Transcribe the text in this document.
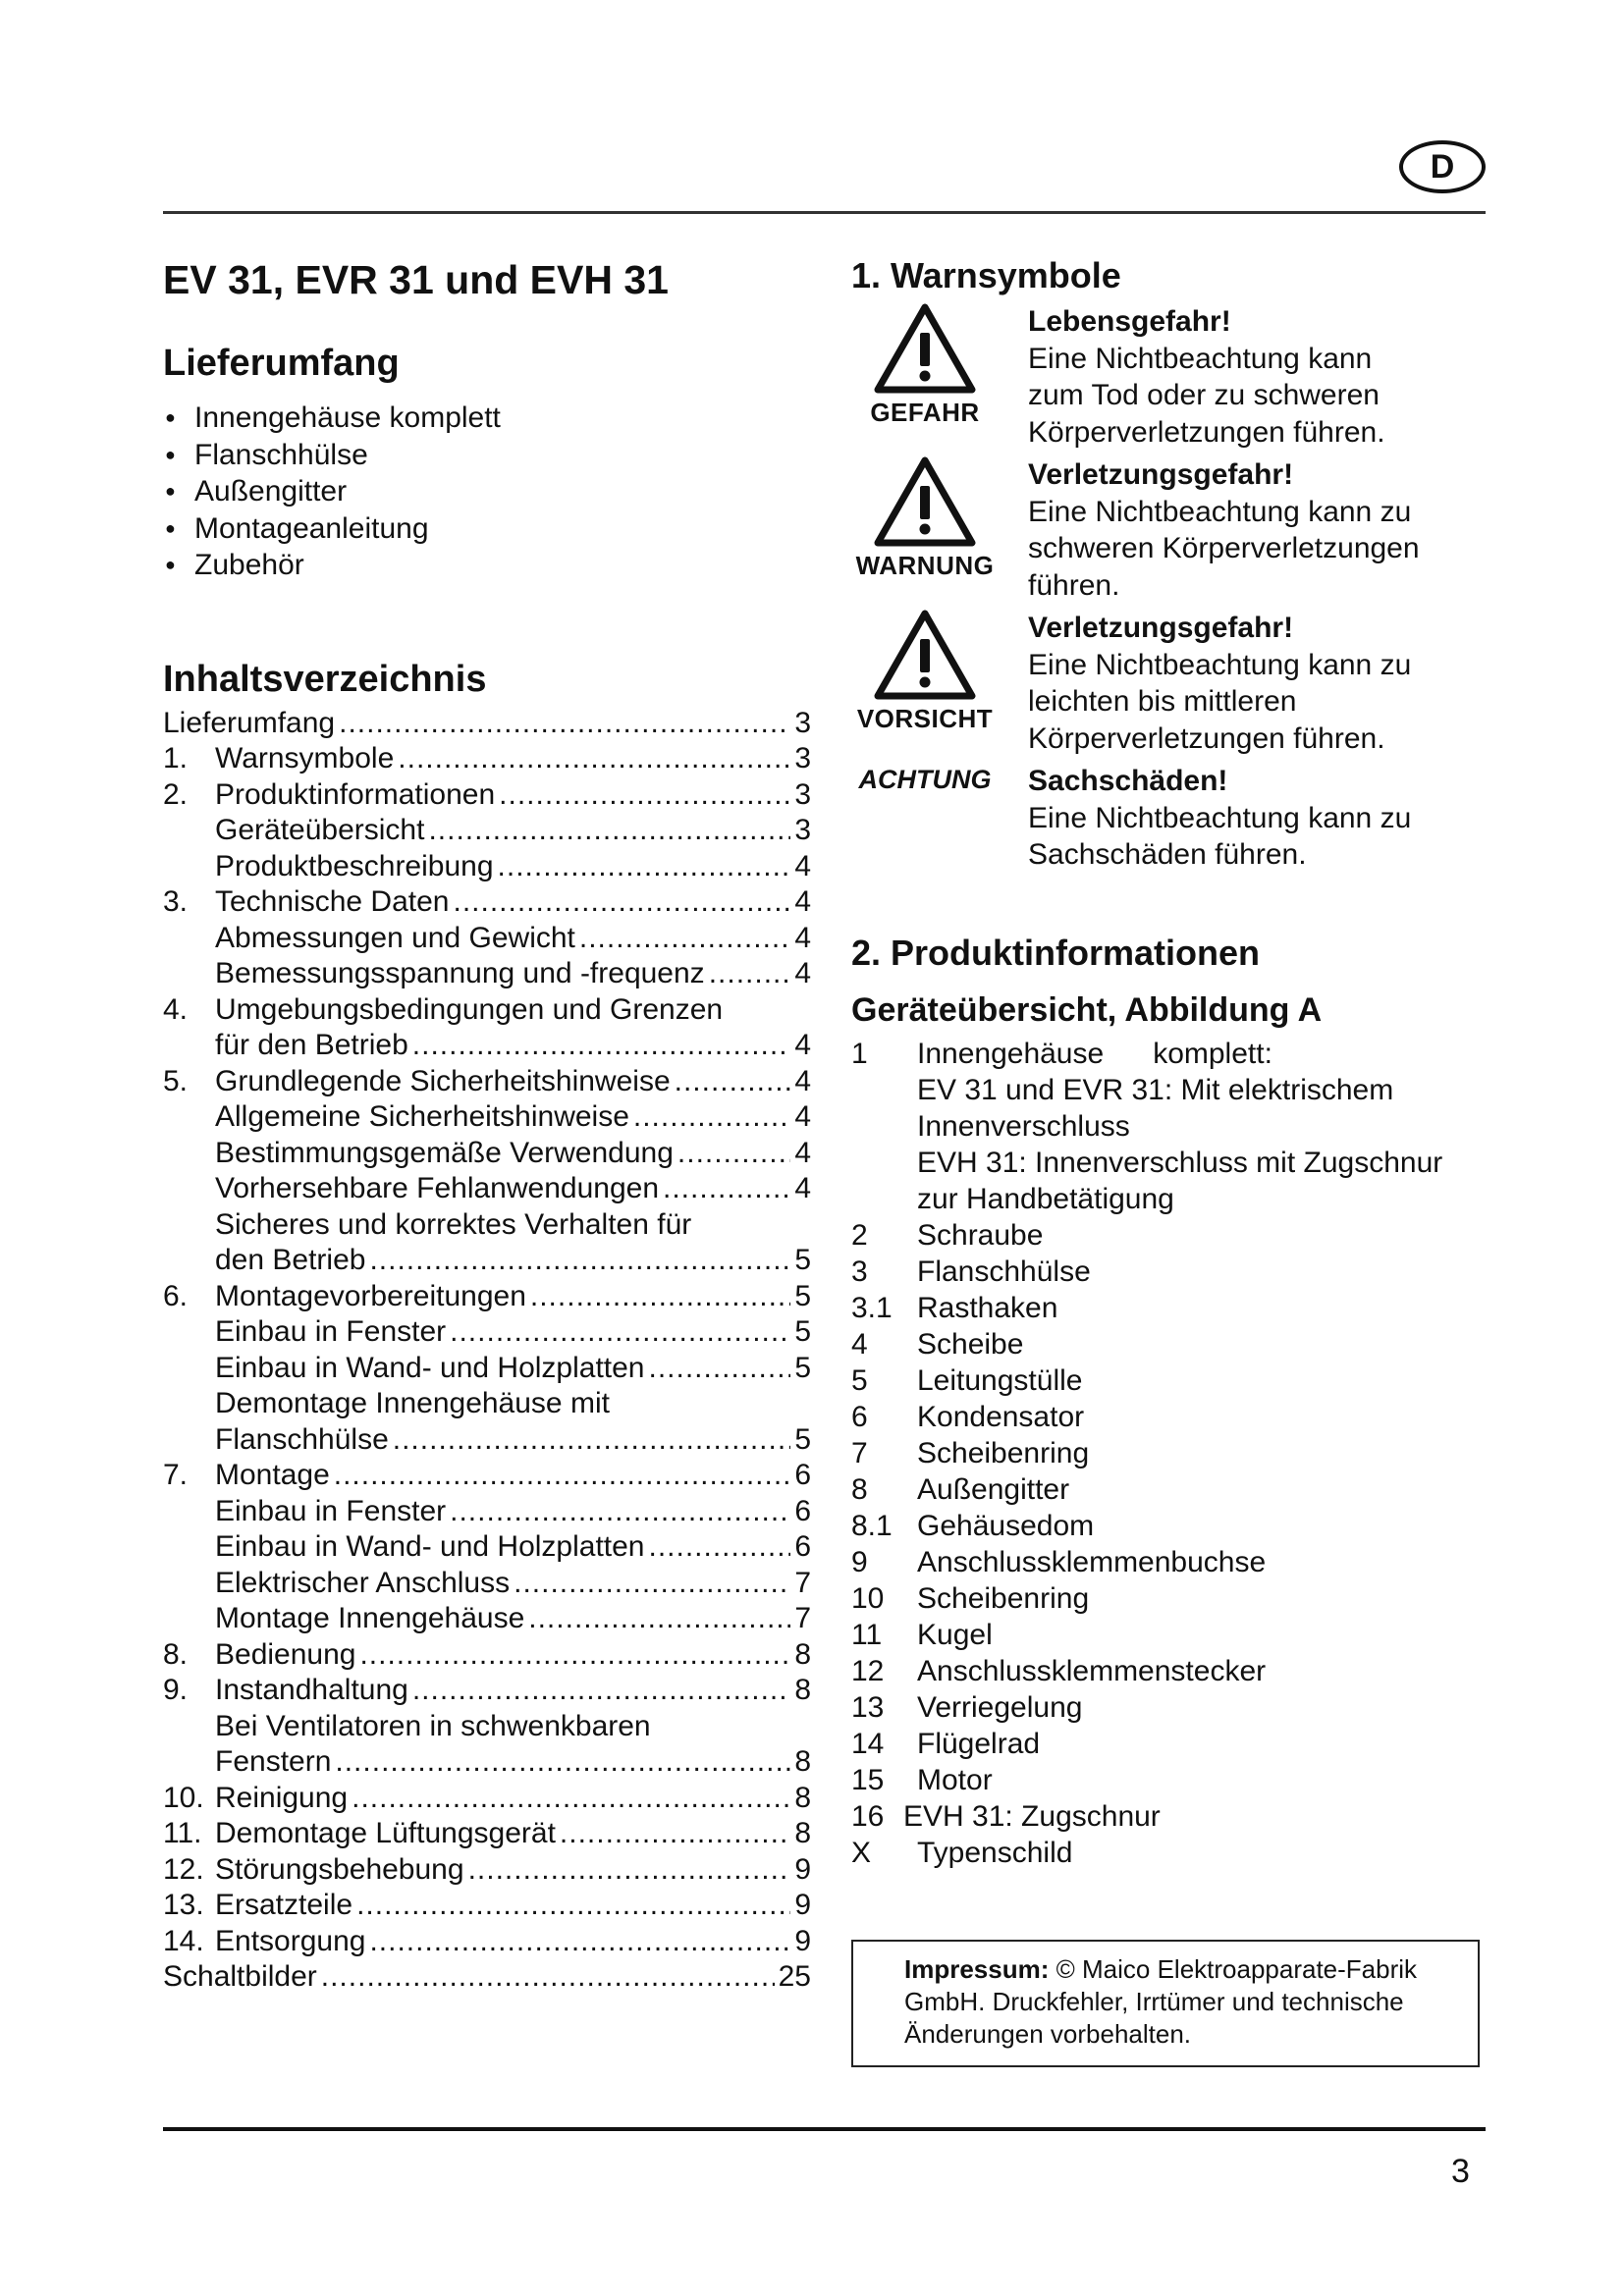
D
EV 31, EVR 31 und EVH 31
Lieferumfang
● Innengehäuse komplett
● Flanschhülse
● Außengitter
● Montageanleitung
● Zubehör
Inhaltsverzeichnis
Lieferumfang .....	3
1. Warnsymbole .....	3
2. Produktinformationen .....	3
Geräteübersicht .....	3
Produktbeschreibung .....	4
3. Technische Daten .....	4
Abmessungen und Gewicht .....	4
Bemessungsspannung und -frequenz .....	4
4. Umgebungsbedingungen und Grenzen
für den Betrieb .....	4
5. Grundlegende Sicherheitshinweise .....	4
Allgemeine Sicherheitshinweise .....	4
Bestimmungsgemäße Verwendung .....	4
Vorhersehbare Fehlanwendungen .....	4
Sicheres und korrektes Verhalten für
den Betrieb .....	5
6. Montagevorbereitungen .....	5
Einbau in Fenster .....	5
Einbau in Wand- und Holzplatten .....	5
Demontage Innengehäuse mit
Flanschhülse .....	5
7. Montage .....	6
Einbau in Fenster .....	6
Einbau in Wand- und Holzplatten .....	6
Elektrischer Anschluss .....	7
Montage Innengehäuse .....	7
8. Bedienung .....	8
9. Instandhaltung .....	8
Bei Ventilatoren in schwenkbaren
Fenstern .....	8
10. Reinigung .....	8
11. Demontage Lüftungsgerät .....	8
12. Störungsbehebung .....	9
13. Ersatzteile .....	9
14. Entsorgung .....	9
Schaltbilder .....	25
1. Warnsymbole
GEFAHR
Lebensgefahr!
Eine Nichtbeachtung kann
zum Tod oder zu schweren
Körperverletzungen führen.
WARNUNG
Verletzungsgefahr!
Eine Nichtbeachtung kann zu
schweren Körperverletzungen
führen.
VORSICHT
Verletzungsgefahr!
Eine Nichtbeachtung kann zu
leichten bis mittleren
Körperverletzungen führen.
ACHTUNG Sachschäden!
Eine Nichtbeachtung kann zu
Sachschäden führen.
2. Produktinformationen
Geräteübersicht, Abbildung A
1	Innengehäuse      komplett:
EV 31 und EVR 31: Mit elektrischem
Innenverschluss
EVH 31: Innenverschluss mit Zugschnur
zur Handbetätigung
2	Schraube
3	Flanschhülse
3.1 Rasthaken
4	Scheibe
5	Leitungstülle
6	Kondensator
7	Scheibenring
8	Außengitter
8.1 Gehäusedom
9	Anschlussklemmenbuchse
10	Scheibenring
11	Kugel
12	Anschlussklemmenstecker
13	Verriegelung
14	Flügelrad
15	Motor
16 EVH 31: Zugschnur
X	Typenschild
Impressum: © Maico Elektroapparate-Fabrik
GmbH. Druckfehler, Irrtümer und technische
Änderungen vorbehalten.
3
